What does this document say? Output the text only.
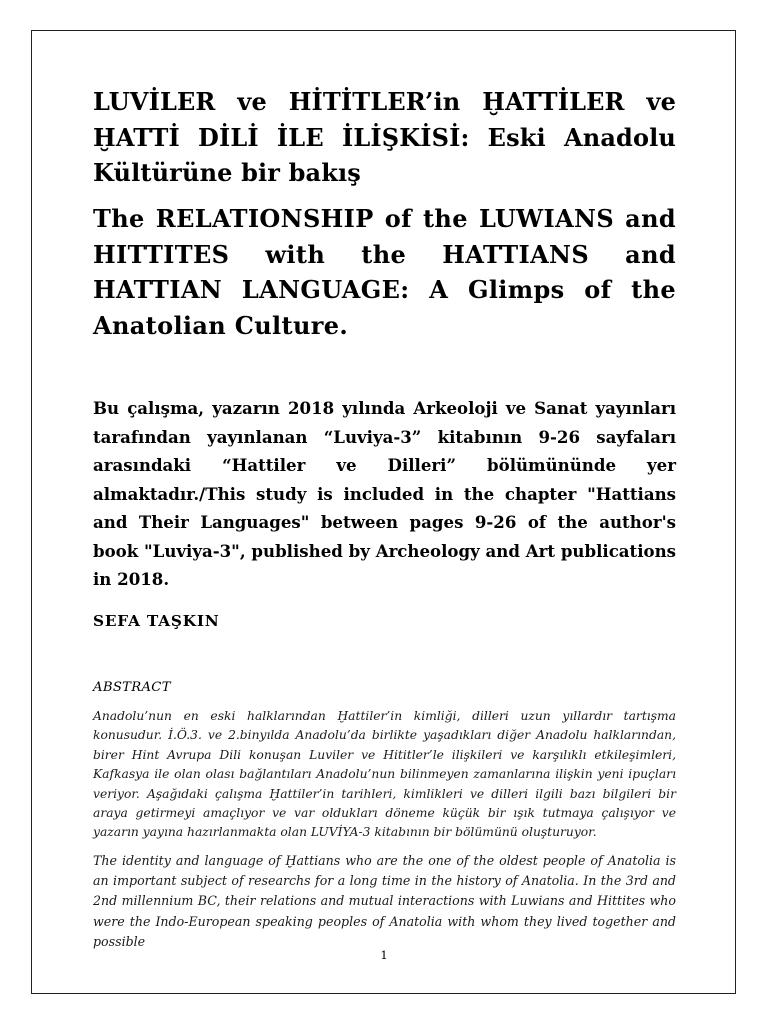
LUVİLER ve HİTİTLER’in ḪATTİLER ve ḪATTİ DİLİ İLE İLİŞKİSİ: Eski Anadolu Kültürüne bir bakış
The RELATIONSHIP of the LUWIANS and HITTITES with the HATTIANS and HATTIAN LANGUAGE: A Glimps of the Anatolian Culture.

Bu çalışma, yazarın 2018 yılında Arkeoloji ve Sanat yayınları tarafından yayınlanan “Luviya-3” kitabının 9-26 sayfaları arasındaki “Hattiler ve Dilleri” bölümününde yer almaktadır./This study is included in the chapter "Hattians and Their Languages" between pages 9-26 of the author's book "Luviya-3", published by Archeology and Art publications in 2018.

SEFA TAŞKIN

ABSTRACT

Anadolu’nun en eski halklarından Ḫattiler’in kimliği, dilleri uzun yıllardır tartışma konusudur. İ.Ö.3. ve 2.binyılda Anadolu’da birlikte yaşadıkları diğer Anadolu halklarından, birer Hint Avrupa Dili konuşan Luviler ve Hititler’le ilişkileri ve karşılıklı etkileşimleri, Kafkasya ile olan olası bağlantıları Anadolu’nun bilinmeyen zamanlarına ilişkin yeni ipuçları veriyor. Aşağıdaki çalışma Ḫattiler’in tarihleri, kimlikleri ve dilleri ilgili bazı bilgileri bir araya getirmeyi amaçlıyor ve var oldukları döneme küçük bir ışık tutmaya çalışıyor ve yazarın yayına hazırlanmakta olan LUVİYA-3 kitabının bir bölümünü oluşturuyor.

The identity and language of Ḫattians who are the one of the oldest people of Anatolia is an important subject of researchs for a long time in the history of Anatolia. In the 3rd and 2nd millennium BC, their relations and mutual interactions with Luwians and Hittites who were the Indo-European speaking peoples of Anatolia with whom they lived together and possible

1
